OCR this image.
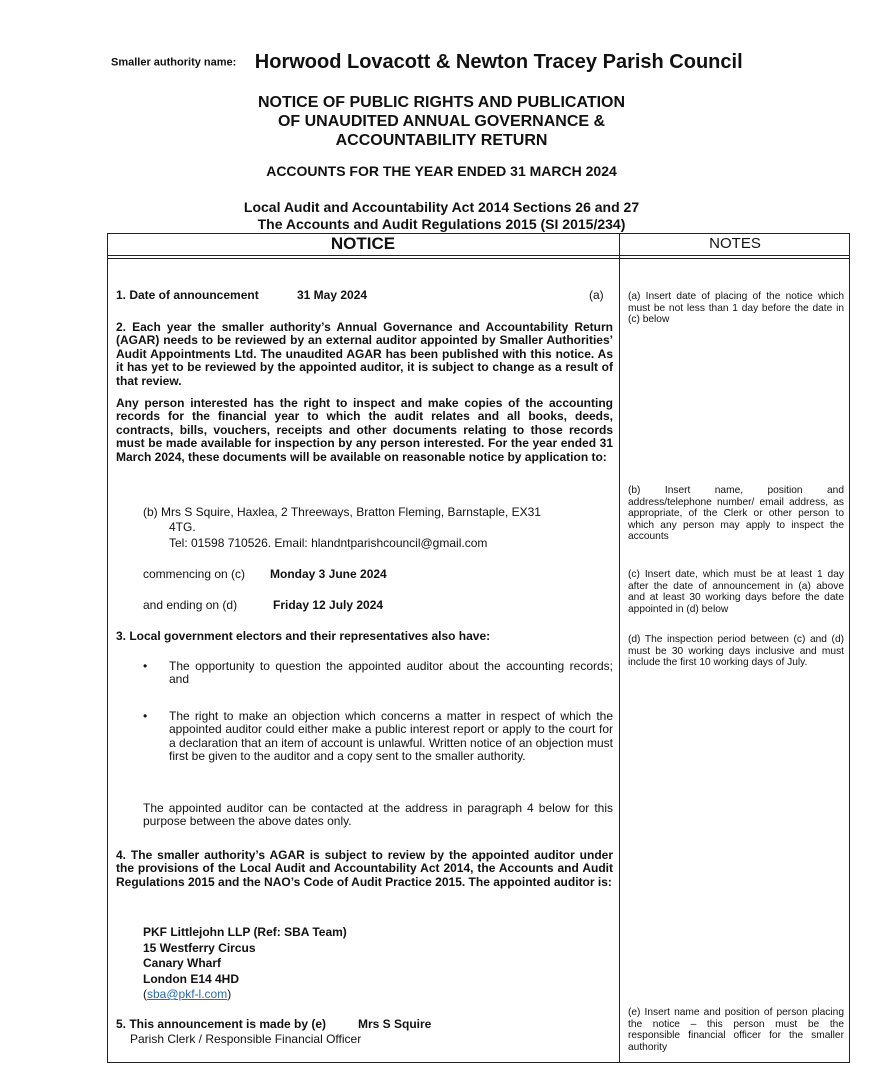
Smaller authority name: Horwood Lovacott & Newton Tracey Parish Council
NOTICE OF PUBLIC RIGHTS AND PUBLICATION
OF UNAUDITED ANNUAL GOVERNANCE &
ACCOUNTABILITY RETURN
ACCOUNTS FOR THE YEAR ENDED 31 MARCH 2024
Local Audit and Accountability Act 2014 Sections 26 and 27
The Accounts and Audit Regulations 2015 (SI 2015/234)
NOTICE	NOTES
1. Date of announcement	31 May 2024	(a)
2. Each year the smaller authority’s Annual Governance and Accountability Return (AGAR) needs to be reviewed by an external auditor appointed by Smaller Authorities’ Audit Appointments Ltd. The unaudited AGAR has been published with this notice. As it has yet to be reviewed by the appointed auditor, it is subject to change as a result of that review.
Any person interested has the right to inspect and make copies of the accounting records for the financial year to which the audit relates and all books, deeds, contracts, bills, vouchers, receipts and other documents relating to those records must be made available for inspection by any person interested. For the year ended 31 March 2024, these documents will be available on reasonable notice by application to:
(b) Mrs S Squire, Haxlea, 2 Threeways, Bratton Fleming, Barnstaple, EX31
4TG.
Tel: 01598 710526. Email: hlandntparishcouncil@gmail.com
commencing on (c) Monday 3 June 2024
and ending on (d)	Friday 12 July 2024
3. Local government electors and their representatives also have:
• The opportunity to question the appointed auditor about the accounting records; and
• The right to make an objection which concerns a matter in respect of which the appointed auditor could either make a public interest report or apply to the court for a declaration that an item of account is unlawful. Written notice of an objection must first be given to the auditor and a copy sent to the smaller authority.
The appointed auditor can be contacted at the address in paragraph 4 below for this purpose between the above dates only.
4. The smaller authority’s AGAR is subject to review by the appointed auditor under the provisions of the Local Audit and Accountability Act 2014, the Accounts and Audit Regulations 2015 and the NAO’s Code of Audit Practice 2015. The appointed auditor is:
PKF Littlejohn LLP (Ref: SBA Team)
15 Westferry Circus
Canary Wharf
London E14 4HD
(sba@pkf-l.com)
5. This announcement is made by (e)	Mrs S Squire
Parish Clerk / Responsible Financial Officer
(a) Insert date of placing of the notice which must be not less than 1 day before the date in (c) below
(b) Insert name, position and address/telephone number/ email address, as appropriate, of the Clerk or other person to which any person may apply to inspect the accounts
(c) Insert date, which must be at least 1 day after the date of announcement in (a) above and at least 30 working days before the date appointed in (d) below
(d) The inspection period between (c) and (d) must be 30 working days inclusive and must include the first 10 working days of July.
(e) Insert name and position of person placing the notice – this person must be the responsible financial officer for the smaller authority
